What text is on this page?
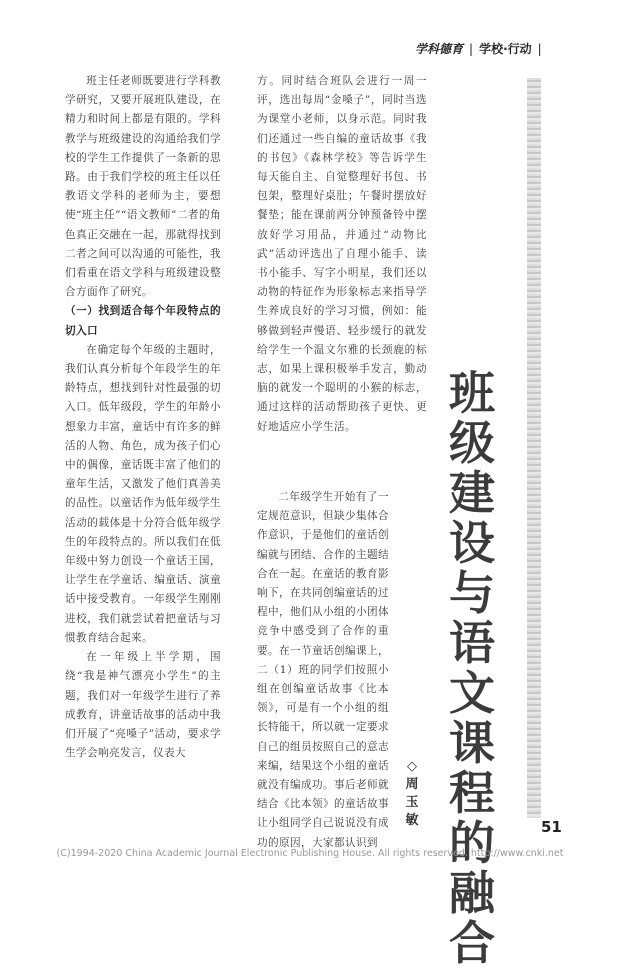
学科德育 | 学校·行动 |

班主任老师既要进行学科教学研究，又要开展班队建设，在精力和时间上都是有限的。学科教学与班级建设的沟通给我们学校的学生工作提供了一条新的思路。由于我们学校的班主任以任教语文学科的老师为主，要想使“班主任”“语文教师”二者的角色真正交融在一起，那就得找到二者之间可以沟通的可能性，我们看重在语文学科与班级建设整合方面作了研究。

（一）找到适合每个年段特点的切入口

在确定每个年级的主题时，我们认真分析每个年段学生的年龄特点，想找到针对性最强的切入口。低年级段，学生的年龄小想象力丰富，童话中有许多的鲜活的人物、角色，成为孩子们心中的偶像，童话既丰富了他们的童年生活，又激发了他们真善美的品性。以童话作为低年级学生活动的载体是十分符合低年级学生的年段特点的。所以我们在低年级中努力创设一个童话王国，让学生在学童话、编童话、演童话中接受教育。一年级学生刚刚进校，我们就尝试着把童话与习惯教育结合起来。

在一年级上半学期，围绕“我是神气漂亮小学生”的主题，我们对一年级学生进行了养成教育，讲童话故事的活动中我们开展了“亮嗓子”活动，要求学生学会响亮发言，仪表大

方。同时结合班队会进行一周一评，选出每周“金嗓子”，同时当选为课堂小老师，以身示范。同时我们还通过一些自编的童话故事《我的书包》《森林学校》等告诉学生每天能自主、自觉整理好书包、书包架，整理好桌肚；午餐时摆放好餐垫；能在课前两分钟预备铃中摆放好学习用品，并通过“动物比武”活动评选出了自理小能手、读书小能手、写字小明星，我们还以动物的特征作为形象标志来指导学生养成良好的学习习惯，例如：能够做到轻声慢语、轻步缓行的就发给学生一个温文尔雅的长颈鹿的标志，如果上课积极举手发言，勤动脑的就发一个聪明的小猴的标志，通过这样的活动帮助孩子更快、更好地适应小学生活。

二年级学生开始有了一定规范意识，但缺少集体合作意识，于是他们的童话创编就与团结、合作的主题结合在一起。在童话的教育影响下，在共同创编童话的过程中，他们从小组的小团体竞争中感受到了合作的重要。在一节童话创编课上，二（1）班的同学们按照小组在创编童话故事《比本领》，可是有一个小组的组长特能干，所以就一定要求自己的组员按照自己的意志来编，结果这个小组的童话就没有编成功。事后老师就结合《比本领》的童话故事让小组同学自己说说没有成功的原因，大家都认识到

班
级
建
设
与
语
文
课
程
的
融
合
◇
周
玉
敏	51
(C)1994-2020 China Academic Journal Electronic Publishing House. All rights reserved. http://www.cnki.net
